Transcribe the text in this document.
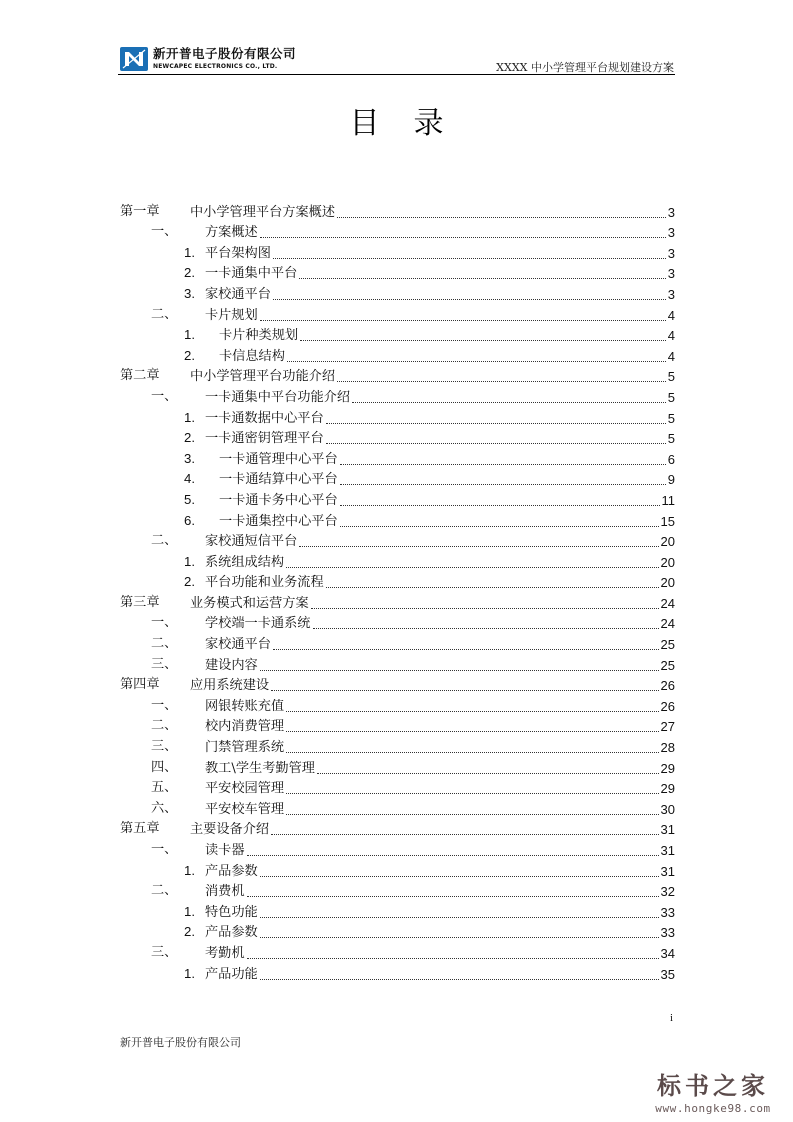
新开普电子股份有限公司
NEWCAPEC ELECTRONICS CO., LTD.	XXXX 中小学管理平台规划建设方案
目录
第一章 中小学管理平台方案概述	3
一、 方案概述	3
1. 平台架构图	3
2. 一卡通集中平台	3
3. 家校通平台	3
二、 卡片规划	4
1. 卡片种类规划	4
2. 卡信息结构	4
第二章 中小学管理平台功能介绍	5
一、 一卡通集中平台功能介绍	5
1. 一卡通数据中心平台	5
2. 一卡通密钥管理平台	5
3. 一卡通管理中心平台	6
4. 一卡通结算中心平台	9
5. 一卡通卡务中心平台	11
6. 一卡通集控中心平台	15
二、 家校通短信平台	20
1. 系统组成结构	20
2. 平台功能和业务流程	20
第三章 业务模式和运营方案	24
一、 学校端一卡通系统	24
二、 家校通平台	25
三、 建设内容	25
第四章 应用系统建设	26
一、 网银转账充值	26
二、 校内消费管理	27
三、 门禁管理系统	28
四、 教工\学生考勤管理	29
五、 平安校园管理	29
六、 平安校车管理	30
第五章 主要设备介绍	31
一、 读卡器	31
1. 产品参数	31
二、 消费机	32
1. 特色功能	33
2. 产品参数	33
三、 考勤机	34
1. 产品功能	35
i
新开普电子股份有限公司
标书之家
www.hongke98.com
